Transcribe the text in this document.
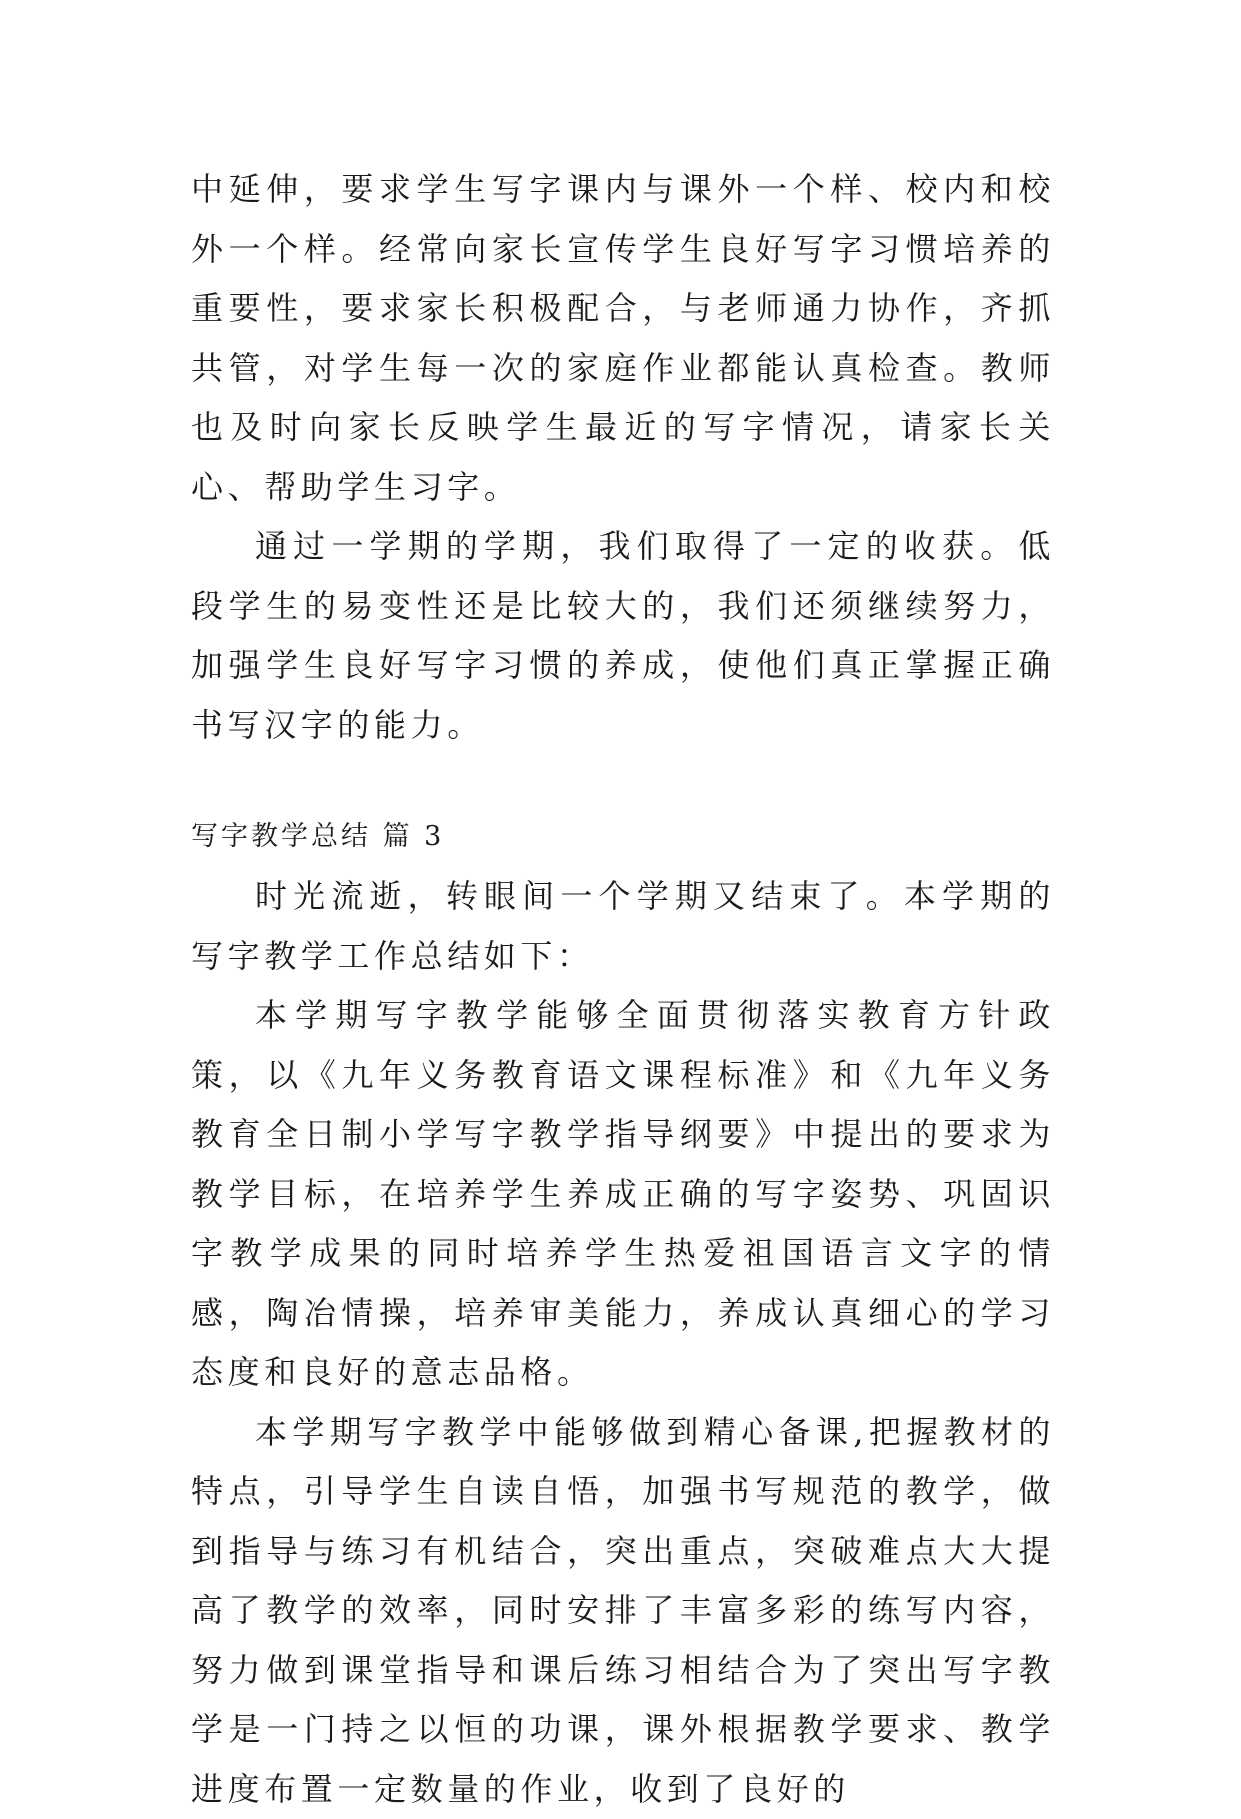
中延伸，要求学生写字课内与课外一个样、校内和校外一个样。经常向家长宣传学生良好写字习惯培养的重要性，要求家长积极配合，与老师通力协作，齐抓共管，对学生每一次的家庭作业都能认真检查。教师也及时向家长反映学生最近的写字情况，请家长关心、帮助学生习字。

通过一学期的学期，我们取得了一定的收获。低段学生的易变性还是比较大的，我们还须继续努力，加强学生良好写字习惯的养成，使他们真正掌握正确书写汉字的能力。

写字教学总结 篇 3

时光流逝，转眼间一个学期又结束了。本学期的写字教学工作总结如下：

本学期写字教学能够全面贯彻落实教育方针政策，以《九年义务教育语文课程标准》和《九年义务教育全日制小学写字教学指导纲要》中提出的要求为教学目标，在培养学生养成正确的写字姿势、巩固识字教学成果的同时培养学生热爱祖国语言文字的情感，陶冶情操，培养审美能力，养成认真细心的学习态度和良好的意志品格。

本学期写字教学中能够做到精心备课,把握教材的特点，引导学生自读自悟，加强书写规范的教学，做到指导与练习有机结合，突出重点，突破难点大大提高了教学的效率，同时安排了丰富多彩的练写内容，努力做到课堂指导和课后练习相结合为了突出写字教学是一门持之以恒的功课，课外根据教学要求、教学进度布置一定数量的作业，收到了良好的
